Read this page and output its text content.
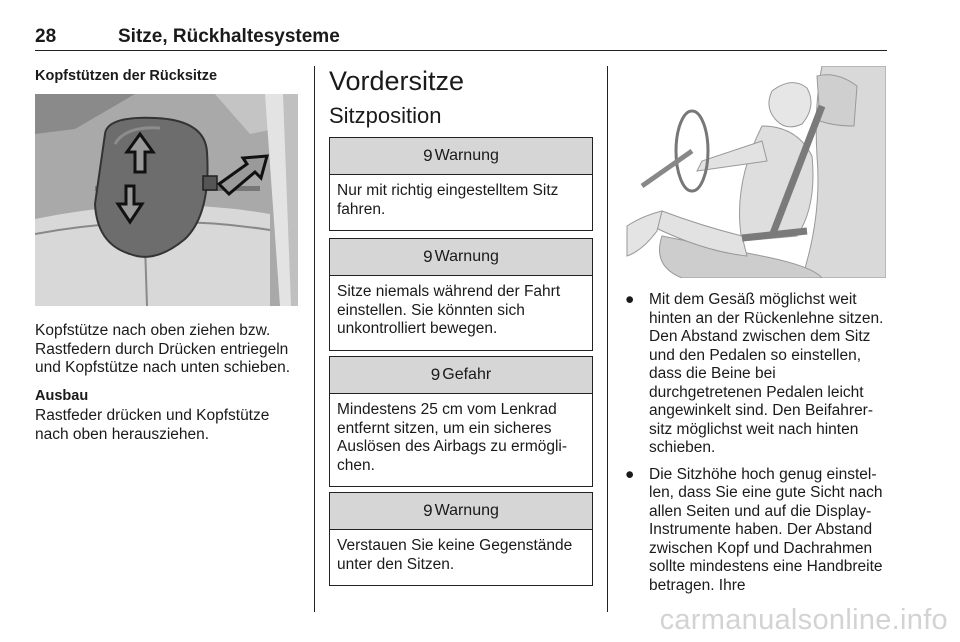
28	Sitze, Rückhaltesysteme

Kopfstützen der Rücksitze

Kopfstütze nach oben ziehen bzw. Rastfedern durch Drücken entriegeln und Kopfstütze nach unten schieben.

Ausbau

Rastfeder drücken und Kopfstütze nach oben herausziehen.

Vordersitze

Sitzposition

9 Warnung
Nur mit richtig eingestelltem Sitz fahren.
9 Warnung
Sitze niemals während der Fahrt einstellen. Sie könnten sich unkontrolliert bewegen.
9 Gefahr
Mindestens 25 cm vom Lenkrad entfernt sitzen, um ein sicheres Auslösen des Airbags zu ermögli-chen.
9 Warnung
Verstauen Sie keine Gegenstände unter den Sitzen.
● Mit dem Gesäß möglichst weit hinten an der Rückenlehne sitzen. Den Abstand zwischen dem Sitz und den Pedalen so einstellen, dass die Beine bei durchgetretenen Pedalen leicht angewinkelt sind. Den Beifahrer-sitz möglichst weit nach hinten schieben.
● Die Sitzhöhe hoch genug einstel-len, dass Sie eine gute Sicht nach allen Seiten und auf die Display-Instrumente haben. Der Abstand zwischen Kopf und Dachrahmen sollte mindestens eine Handbreite betragen. Ihre
carmanualsonline.info
